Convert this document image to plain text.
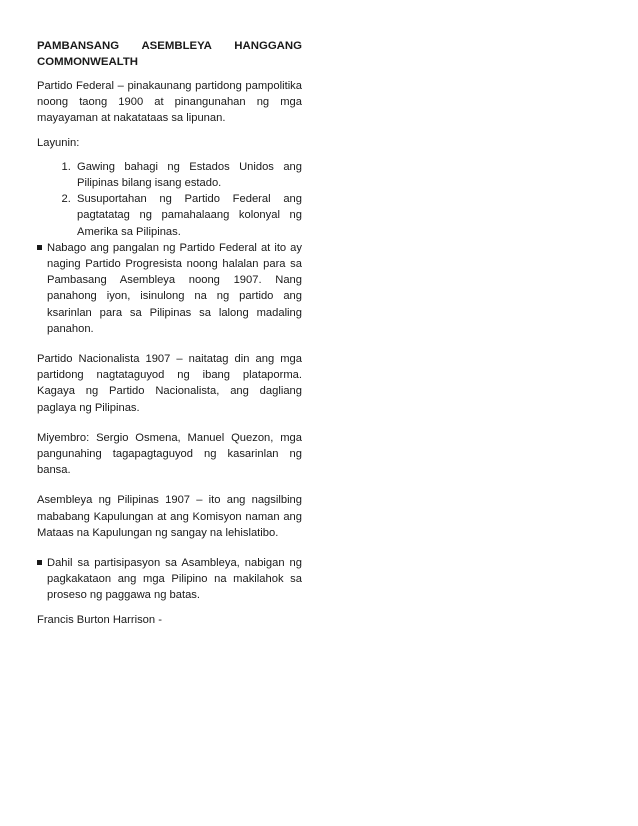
PAMBANSANG ASEMBLEYA HANGGANG
COMMONWEALTH

Partido Federal – pinakaunang partidong pampolitika noong taong 1900 at pinangunahan ng mga mayayaman at nakatataas sa lipunan.

Layunin:

1. Gawing bahagi ng Estados Unidos ang Pilipinas bilang isang estado.
2. Susuportahan ng Partido Federal ang pagtatatag ng pamahalaang kolonyal ng Amerika sa Pilipinas.
Nabago ang pangalan ng Partido Federal at ito ay naging Partido Progresista noong halalan para sa Pambasang Asembleya noong 1907. Nang panahong iyon, isinulong na ng partido ang ksarinlan para sa Pilipinas sa lalong madaling panahon.

Partido Nacionalista 1907 – naitatag din ang mga partidong nagtataguyod ng ibang plataporma. Kagaya ng Partido Nacionalista, ang dagliang paglaya ng Pilipinas.

Miyembro: Sergio Osmena, Manuel Quezon, mga pangunahing tagapagtaguyod ng kasarinlan ng bansa.

Asembleya ng Pilipinas 1907 – ito ang nagsilbing mababang Kapulungan at ang Komisyon naman ang Mataas na Kapulungan ng sangay na lehislatibo.

Dahil sa partisipasyon sa Asambleya, nabigan ng pagkakataon ang mga Pilipino na makilahok sa proseso ng paggawa ng batas.

Francis Burton Harrison -
